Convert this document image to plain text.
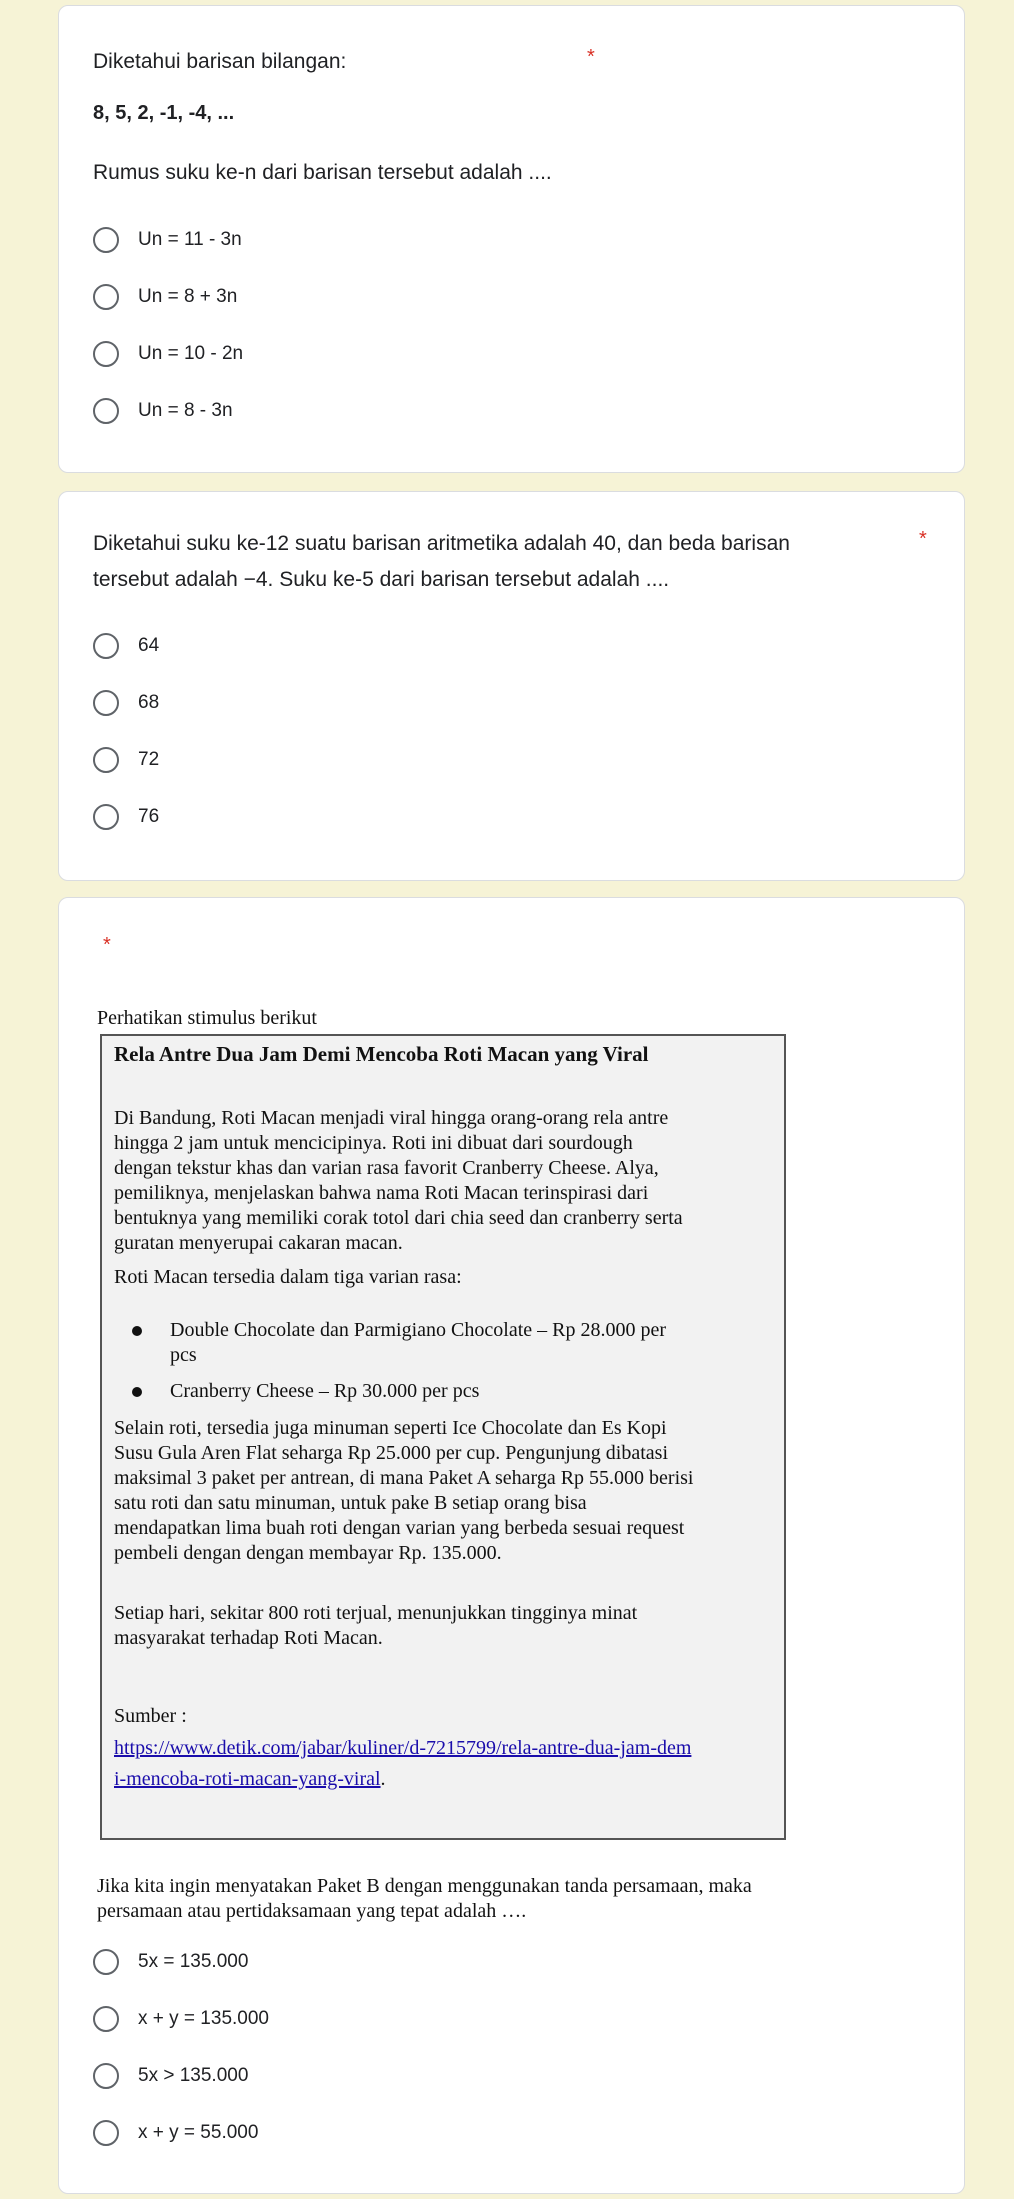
Diketahui barisan bilangan:	*
8, 5, 2, -1, -4, ...
Rumus suku ke-n dari barisan tersebut adalah ....
Un = 11 - 3n
Un = 8 + 3n
Un = 10 - 2n
Un = 8 - 3n
Diketahui suku ke-12 suatu barisan aritmetika adalah 40, dan beda barisan	*
tersebut adalah −4. Suku ke-5 dari barisan tersebut adalah ....
64
68
72
76
*
Perhatikan stimulus berikut
Rela Antre Dua Jam Demi Mencoba Roti Macan yang Viral
Di Bandung, Roti Macan menjadi viral hingga orang-orang rela antre
hingga 2 jam untuk mencicipinya. Roti ini dibuat dari sourdough
dengan tekstur khas dan varian rasa favorit Cranberry Cheese. Alya,
pemiliknya, menjelaskan bahwa nama Roti Macan terinspirasi dari
bentuknya yang memiliki corak totol dari chia seed dan cranberry serta
guratan menyerupai cakaran macan.
Roti Macan tersedia dalam tiga varian rasa:
Double Chocolate dan Parmigiano Chocolate – Rp 28.000 per
pcs
Cranberry Cheese – Rp 30.000 per pcs
Selain roti, tersedia juga minuman seperti Ice Chocolate dan Es Kopi
Susu Gula Aren Flat seharga Rp 25.000 per cup. Pengunjung dibatasi
maksimal 3 paket per antrean, di mana Paket A seharga Rp 55.000 berisi
satu roti dan satu minuman, untuk pake B setiap orang bisa
mendapatkan lima buah roti dengan varian yang berbeda sesuai request
pembeli dengan dengan membayar Rp. 135.000.
Setiap hari, sekitar 800 roti terjual, menunjukkan tingginya minat
masyarakat terhadap Roti Macan.
Sumber :
https://www.detik.com/jabar/kuliner/d-7215799/rela-antre-dua-jam-dem
i-mencoba-roti-macan-yang-viral.
Jika kita ingin menyatakan Paket B dengan menggunakan tanda persamaan, maka
persamaan atau pertidaksamaan yang tepat adalah ….
5x = 135.000
x + y = 135.000
5x > 135.000
x + y = 55.000
